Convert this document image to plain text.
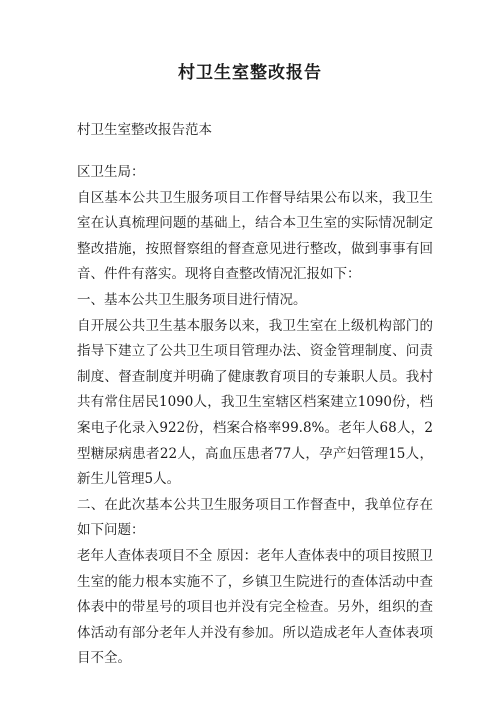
村卫生室整改报告
村卫生室整改报告范本

区卫生局：

自区基本公共卫生服务项目工作督导结果公布以来，我卫生室在认真梳理问题的基础上，结合本卫生室的实际情况制定整改措施，按照督察组的督查意见进行整改，做到事事有回音、件件有落实。现将自查整改情况汇报如下：

一、基本公共卫生服务项目进行情况。

自开展公共卫生基本服务以来，我卫生室在上级机构部门的指导下建立了公共卫生项目管理办法、资金管理制度、问责制度、督查制度并明确了健康教育项目的专兼职人员。我村共有常住居民1090人，我卫生室辖区档案建立1090份，档案电子化录入922份，档案合格率99.8%。老年人68人，2型糖尿病患者22人，高血压患者77人，孕产妇管理15人，新生儿管理5人。

二、在此次基本公共卫生服务项目工作督查中，我单位存在如下问题：

老年人查体表项目不全 原因：老年人查体表中的项目按照卫生室的能力根本实施不了，乡镇卫生院进行的查体活动中查体表中的带星号的项目也并没有完全检查。另外，组织的查体活动有部分老年人并没有参加。所以造成老年人查体表项目不全。
